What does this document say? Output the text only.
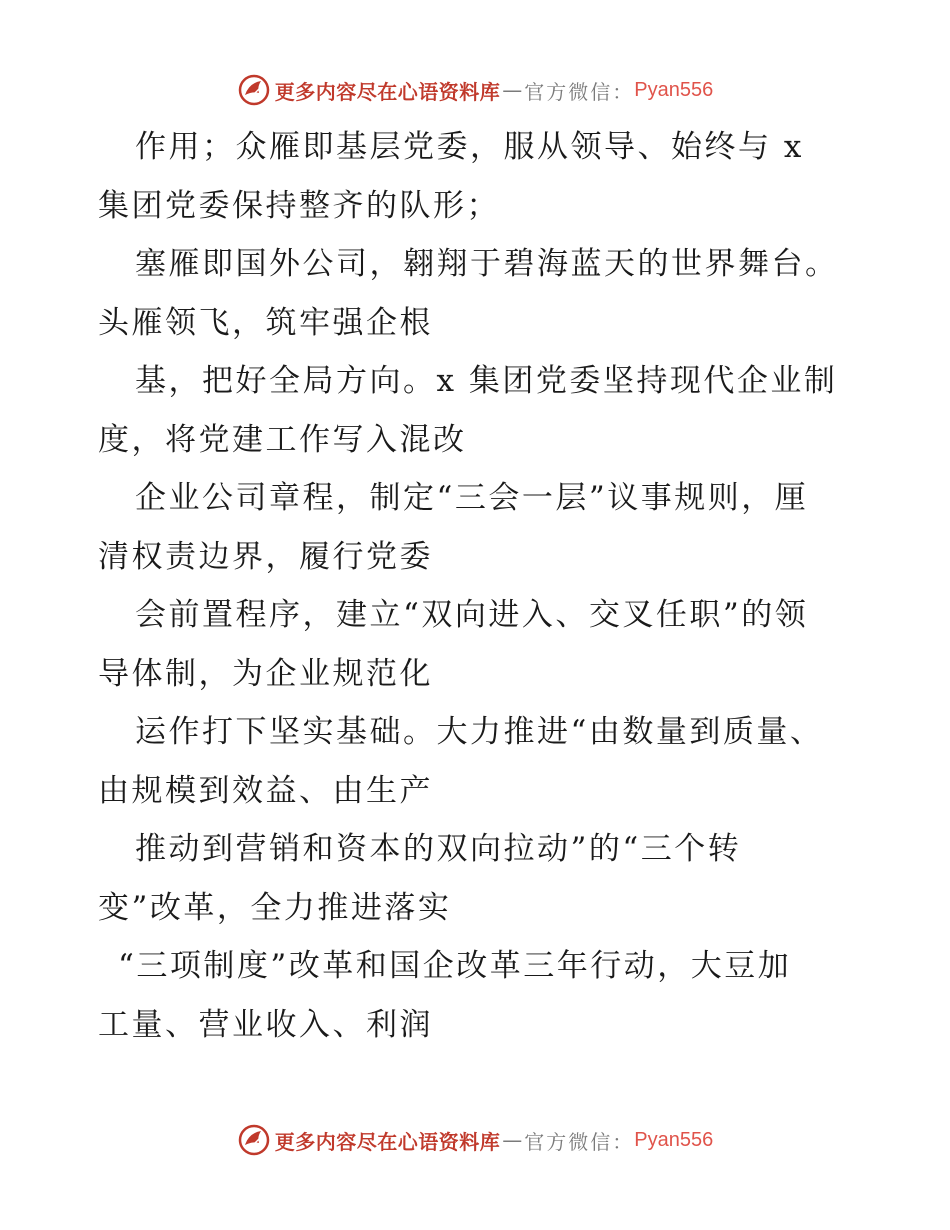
更多内容尽在心语资料库 — 官方微信： Pyan556
作用；众雁即基层党委，服从领导、始终与 x
集团党委保持整齐的队形；
塞雁即国外公司，翱翔于碧海蓝天的世界舞台。
头雁领飞，筑牢强企根
基，把好全局方向。x 集团党委坚持现代企业制
度，将党建工作写入混改
企业公司章程，制定“三会一层”议事规则，厘
清权责边界，履行党委
会前置程序，建立“双向进入、交叉任职”的领
导体制，为企业规范化
运作打下坚实基础。大力推进“由数量到质量、
由规模到效益、由生产
推动到营销和资本的双向拉动”的“三个转
变”改革，全力推进落实
“三项制度”改革和国企改革三年行动，大豆加
工量、营业收入、利润
更多内容尽在心语资料库 — 官方微信： Pyan556
